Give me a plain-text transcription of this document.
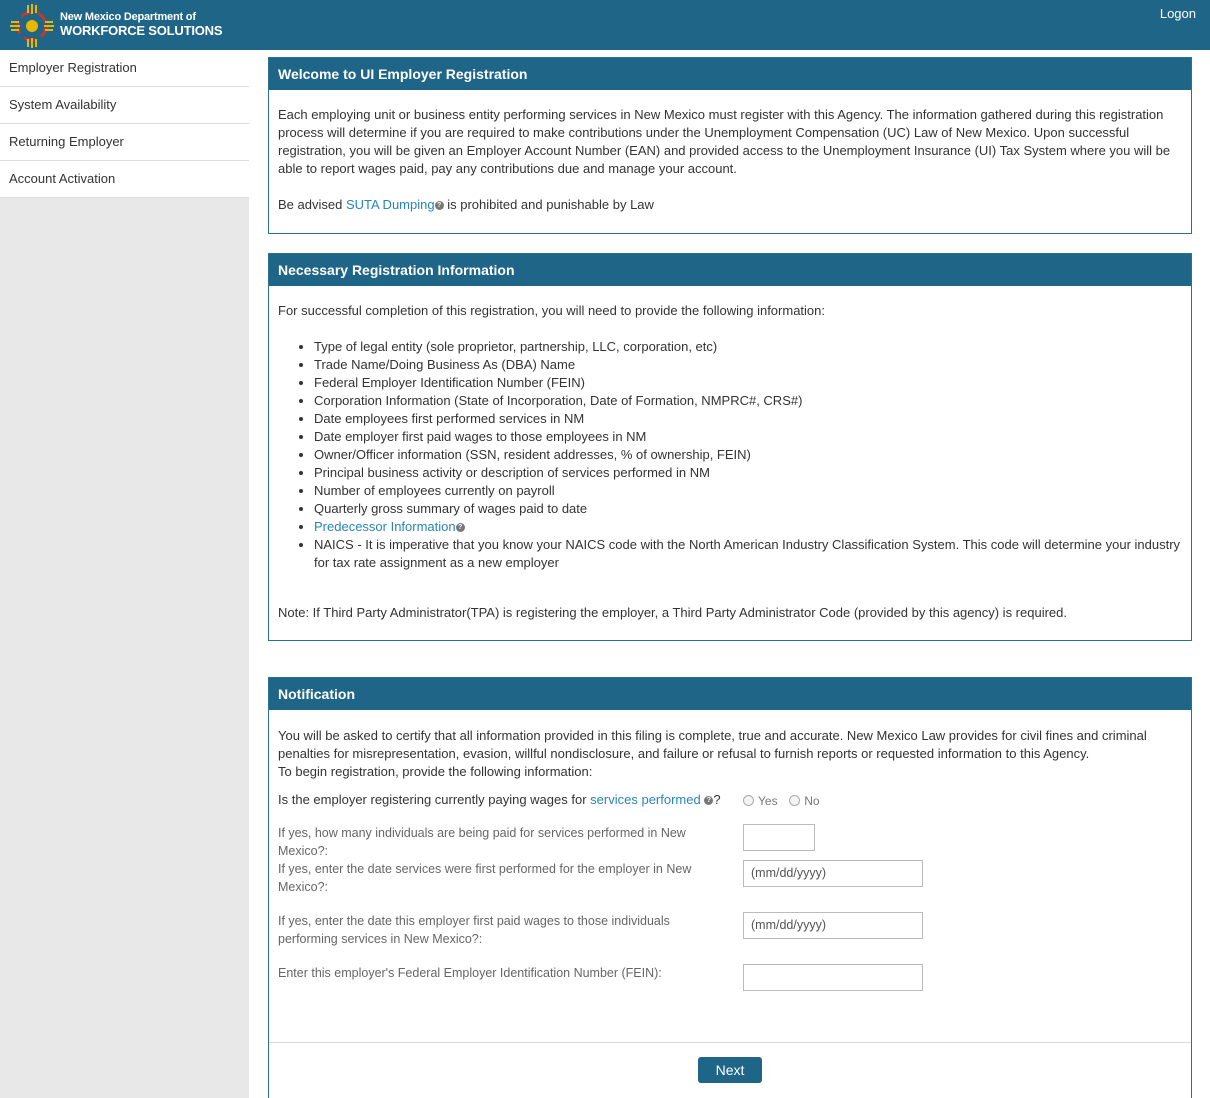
New Mexico Department of
WORKFORCE SOLUTIONS
Logon
Employer Registration
System Availability
Returning Employer
Account Activation
Welcome to UI Employer Registration

Each employing unit or business entity performing services in New Mexico must register with this Agency. The information gathered during this registration process will determine if you are required to make contributions under the Unemployment Compensation (UC) Law of New Mexico. Upon successful registration, you will be given an Employer Account Number (EAN) and provided access to the Unemployment Insurance (UI) Tax System where you will be able to report wages paid, pay any contributions due and manage your account.

Be advised SUTA Dumping ? is prohibited and punishable by Law

Necessary Registration Information

For successful completion of this registration, you will need to provide the following information:

• Type of legal entity (sole proprietor, partnership, LLC, corporation, etc)
• Trade Name/Doing Business As (DBA) Name
• Federal Employer Identification Number (FEIN)
• Corporation Information (State of Incorporation, Date of Formation, NMPRC#, CRS#)
• Date employees first performed services in NM
• Date employer first paid wages to those employees in NM
• Owner/Officer information (SSN, resident addresses, % of ownership, FEIN)
• Principal business activity or description of services performed in NM
• Number of employees currently on payroll
• Quarterly gross summary of wages paid to date
• Predecessor Information ?
• NAICS - It is imperative that you know your NAICS code with the North American Industry Classification System. This code will determine your industry for tax rate assignment as a new employer

Note: If Third Party Administrator(TPA) is registering the employer, a Third Party Administrator Code (provided by this agency) is required.

Notification

You will be asked to certify that all information provided in this filing is complete, true and accurate. New Mexico Law provides for civil fines and criminal penalties for misrepresentation, evasion, willful nondisclosure, and failure or refusal to furnish reports or requested information to this Agency.

To begin registration, provide the following information:

Is the employer registering currently paying wages for services performed ? ?	Yes No
If yes, how many individuals are being paid for services performed in New Mexico?:
If yes, enter the date services were first performed for the employer in New Mexico?:
(mm/dd/yyyy)
If yes, enter the date this employer first paid wages to those individuals performing services in New Mexico?:
(mm/dd/yyyy)
Enter this employer's Federal Employer Identification Number (FEIN):
Next
